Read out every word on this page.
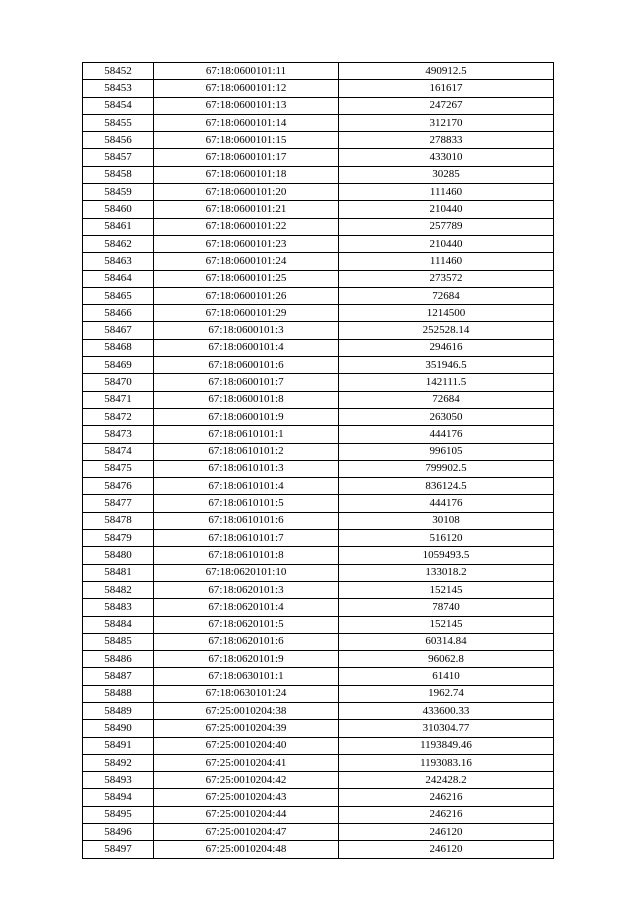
58452	67:18:0600101:11	490912.5
58453	67:18:0600101:12	161617
58454	67:18:0600101:13	247267
58455	67:18:0600101:14	312170
58456	67:18:0600101:15	278833
58457	67:18:0600101:17	433010
58458	67:18:0600101:18	30285
58459	67:18:0600101:20	111460
58460	67:18:0600101:21	210440
58461	67:18:0600101:22	257789
58462	67:18:0600101:23	210440
58463	67:18:0600101:24	111460
58464	67:18:0600101:25	273572
58465	67:18:0600101:26	72684
58466	67:18:0600101:29	1214500
58467	67:18:0600101:3	252528.14
58468	67:18:0600101:4	294616
58469	67:18:0600101:6	351946.5
58470	67:18:0600101:7	142111.5
58471	67:18:0600101:8	72684
58472	67:18:0600101:9	263050
58473	67:18:0610101:1	444176
58474	67:18:0610101:2	996105
58475	67:18:0610101:3	799902.5
58476	67:18:0610101:4	836124.5
58477	67:18:0610101:5	444176
58478	67:18:0610101:6	30108
58479	67:18:0610101:7	516120
58480	67:18:0610101:8	1059493.5
58481	67:18:0620101:10	133018.2
58482	67:18:0620101:3	152145
58483	67:18:0620101:4	78740
58484	67:18:0620101:5	152145
58485	67:18:0620101:6	60314.84
58486	67:18:0620101:9	96062.8
58487	67:18:0630101:1	61410
58488	67:18:0630101:24	1962.74
58489	67:25:0010204:38	433600.33
58490	67:25:0010204:39	310304.77
58491	67:25:0010204:40	1193849.46
58492	67:25:0010204:41	1193083.16
58493	67:25:0010204:42	242428.2
58494	67:25:0010204:43	246216
58495	67:25:0010204:44	246216
58496	67:25:0010204:47	246120
58497	67:25:0010204:48	246120
